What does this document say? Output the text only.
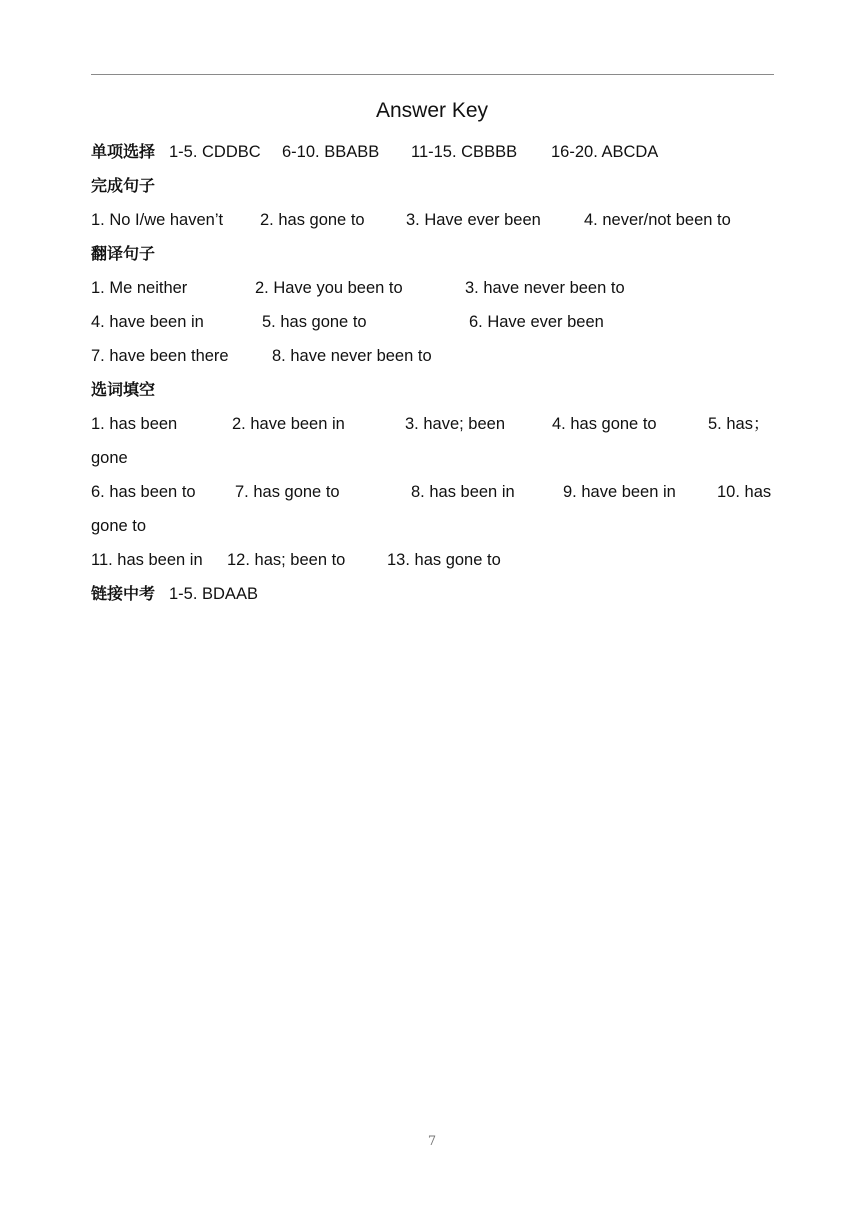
Answer Key
单项选择 1-5. CDDBC 6-10. BBABB 11-15. CBBBB 16-20. ABCDA
完成句子
1. No I/we haven’t 2. has gone to	3. Have ever been	4. never/not been to
翻译句子
1. Me neither	2. Have you been to	3. have never been to
4. have been in	5. has gone to	6. Have ever been
7. have been there	8. have never been to
选词填空
1. has been	2. have been in	3. have; been	4. has gone to	5. has；
gone
6. has been to 7. has gone to	8. has been in	9. have been in 10. has
gone to
11. has been in 12. has; been to	13. has gone to
链接中考 1-5. BDAAB
7
